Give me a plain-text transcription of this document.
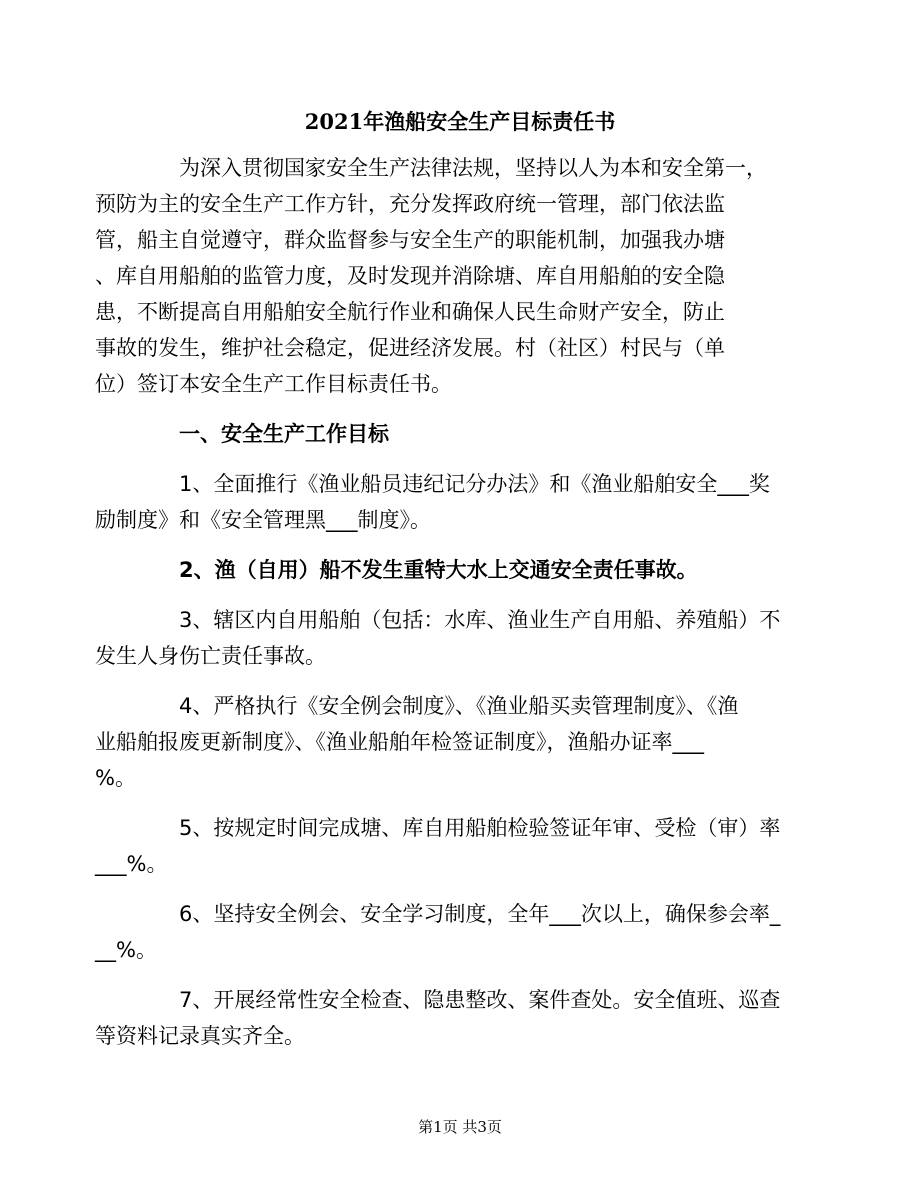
2021年渔船安全生产目标责任书

为深入贯彻国家安全生产法律法规，坚持以人为本和安全第一，
预防为主的安全生产工作方针，充分发挥政府统一管理，部门依法监
管，船主自觉遵守，群众监督参与安全生产的职能机制，加强我办塘
、库自用船舶的监管力度，及时发现并消除塘、库自用船舶的安全隐
患，不断提高自用船舶安全航行作业和确保人民生命财产安全，防止
事故的发生，维护社会稳定，促进经济发展。村（社区）村民与（单
位）签订本安全生产工作目标责任书。

一、安全生产工作目标

1、全面推行《渔业船员违纪记分办法》和《渔业船舶安全___奖
励制度》和《安全管理黑___制度》。

2、渔（自用）船不发生重特大水上交通安全责任事故。

3、辖区内自用船舶（包括：水库、渔业生产自用船、养殖船）不
发生人身伤亡责任事故。

4、严格执行《安全例会制度》、《渔业船买卖管理制度》、《渔
业船舶报废更新制度》、《渔业船舶年检签证制度》，渔船办证率___
%。

5、按规定时间完成塘、库自用船舶检验签证年审、受检（审）率
___%。

6、坚持安全例会、安全学习制度，全年___次以上，确保参会率_
__%。

7、开展经常性安全检查、隐患整改、案件查处。安全值班、巡查
等资料记录真实齐全。

第1页 共3页
